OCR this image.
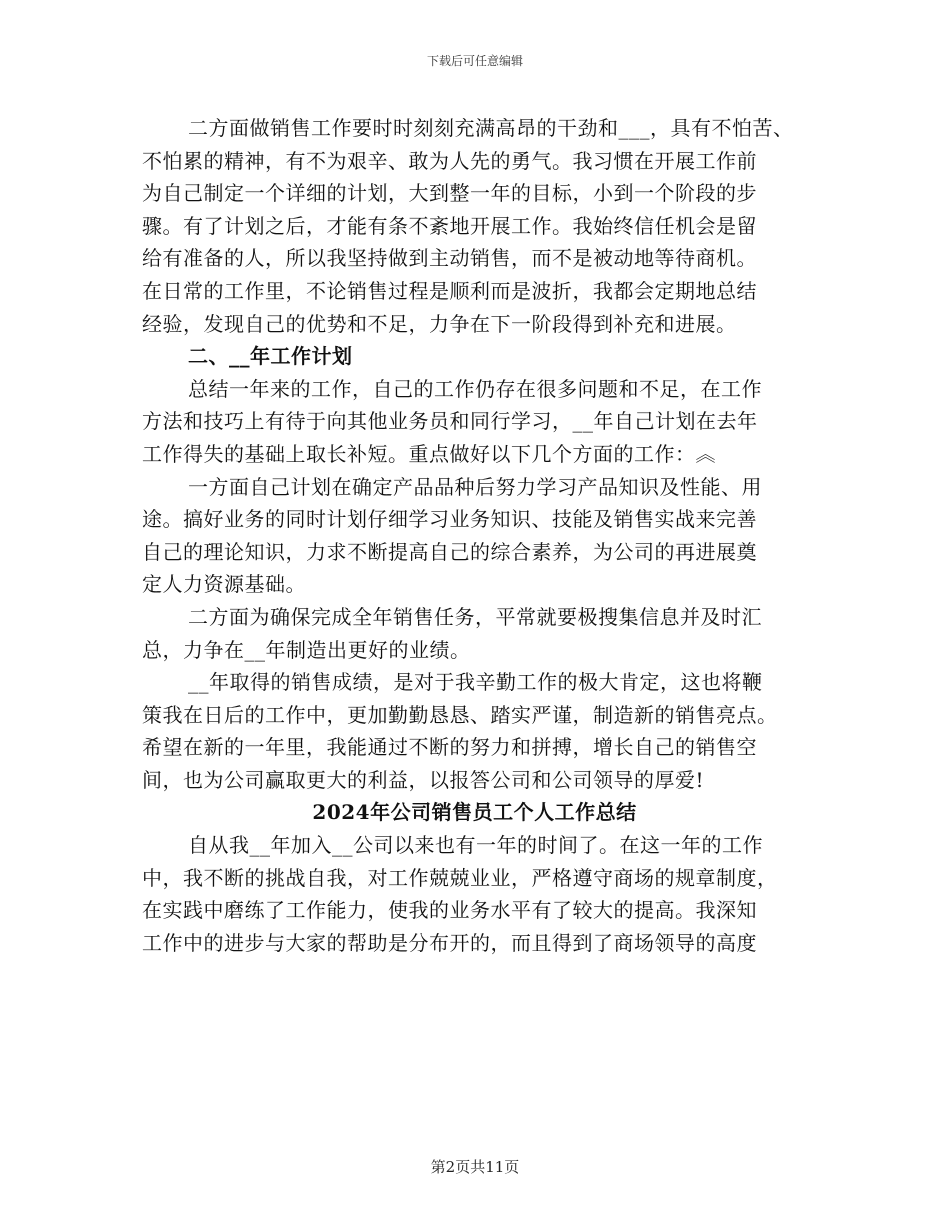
下载后可任意编辑
二方面做销售工作要时时刻刻充满高昂的干劲和___，具有不怕苦、
不怕累的精神，有不为艰辛、敢为人先的勇气。我习惯在开展工作前
为自己制定一个详细的计划，大到整一年的目标，小到一个阶段的步
骤。有了计划之后，才能有条不紊地开展工作。我始终信任机会是留
给有准备的人，所以我坚持做到主动销售，而不是被动地等待商机。
在日常的工作里，不论销售过程是顺利而是波折，我都会定期地总结
经验，发现自己的优势和不足，力争在下一阶段得到补充和进展。
二、__年工作计划
总结一年来的工作，自己的工作仍存在很多问题和不足，在工作
方法和技巧上有待于向其他业务员和同行学习，__年自己计划在去年
工作得失的基础上取长补短。重点做好以下几个方面的工作：︽
一方面自己计划在确定产品品种后努力学习产品知识及性能、用
途。搞好业务的同时计划仔细学习业务知识、技能及销售实战来完善
自己的理论知识，力求不断提高自己的综合素养，为公司的再进展奠
定人力资源基础。
二方面为确保完成全年销售任务，平常就要极搜集信息并及时汇
总，力争在__年制造出更好的业绩。
__年取得的销售成绩，是对于我辛勤工作的极大肯定，这也将鞭
策我在日后的工作中，更加勤勤恳恳、踏实严谨，制造新的销售亮点。
希望在新的一年里，我能通过不断的努力和拼搏，增长自己的销售空
间，也为公司赢取更大的利益，以报答公司和公司领导的厚爱!
2024年公司销售员工个人工作总结
自从我__年加入__公司以来也有一年的时间了。在这一年的工作
中，我不断的挑战自我，对工作兢兢业业，严格遵守商场的规章制度，
在实践中磨练了工作能力，使我的业务水平有了较大的提高。我深知
工作中的进步与大家的帮助是分布开的，而且得到了商场领导的高度
第2页共11页
